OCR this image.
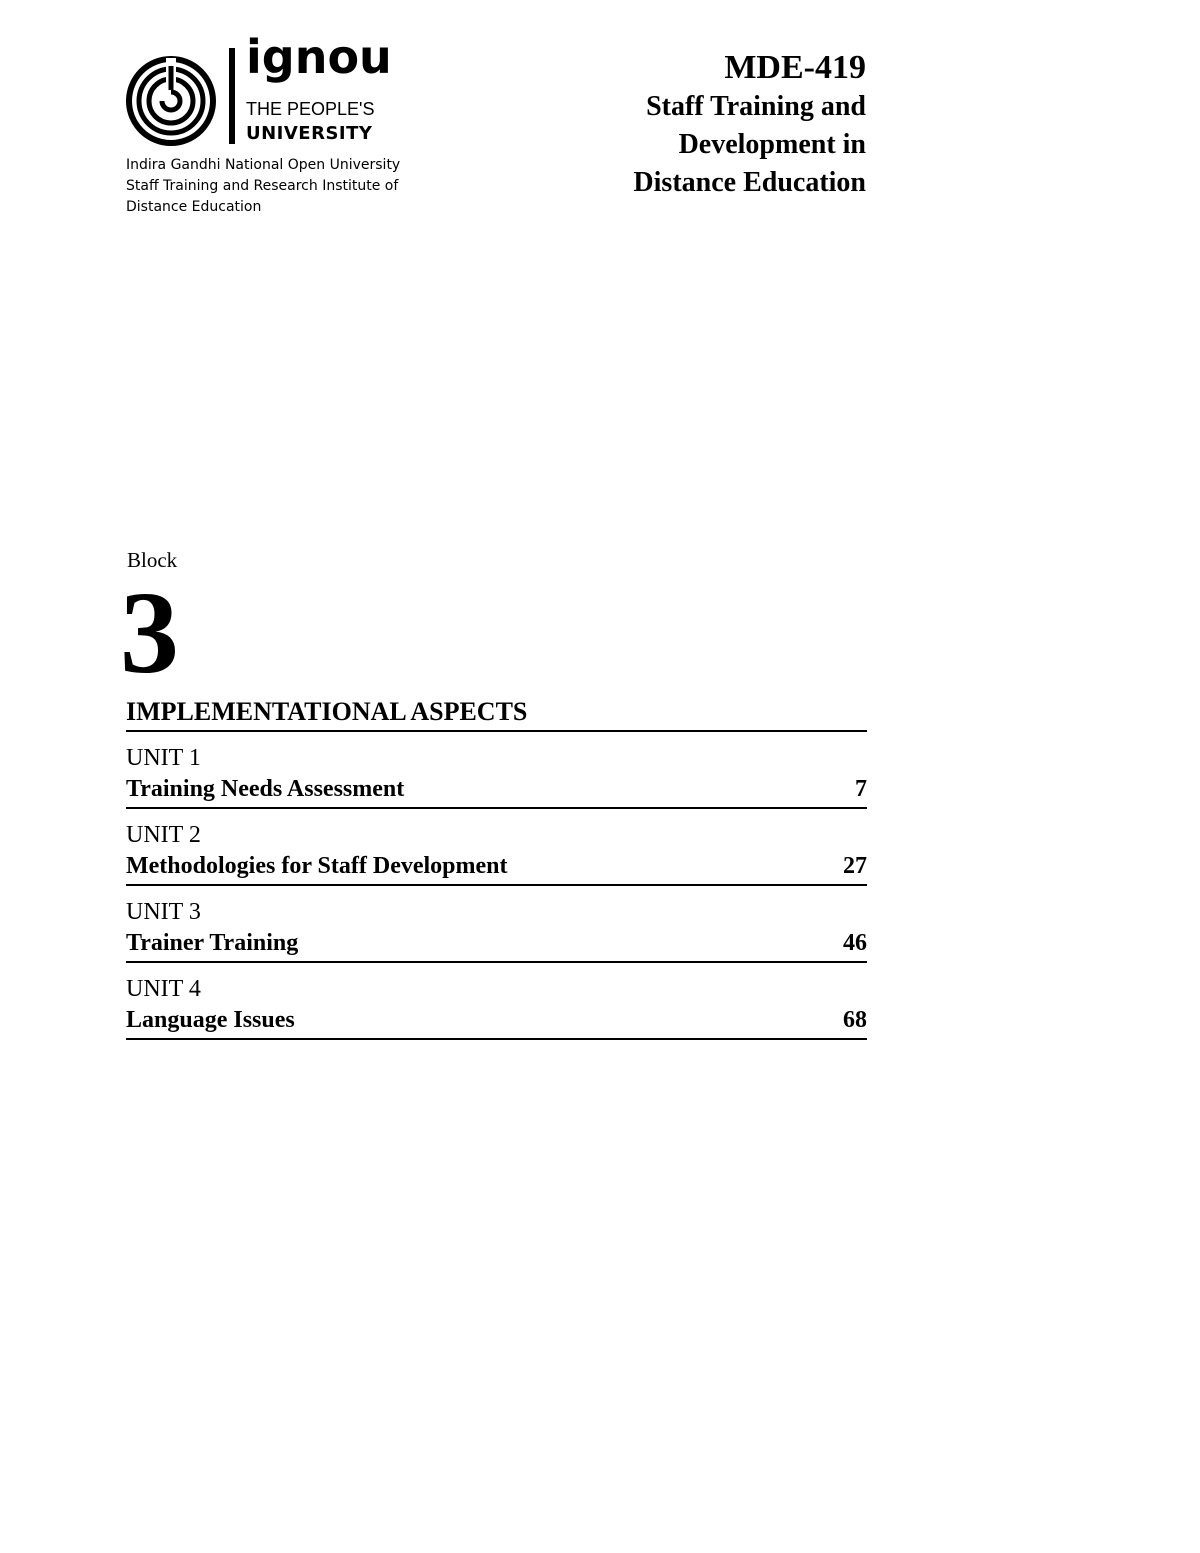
ignou
THE PEOPLE'S
UNIVERSITY
Indira Gandhi National Open University
Staff Training and Research Institute of
Distance Education
MDE-419
Staff Training and
Development in
Distance Education
Block
3
IMPLEMENTATIONAL ASPECTS
UNIT 1
Training Needs Assessment	7
UNIT 2
Methodologies for Staff Development	27
UNIT 3
Trainer Training	46
UNIT 4
Language Issues	68
